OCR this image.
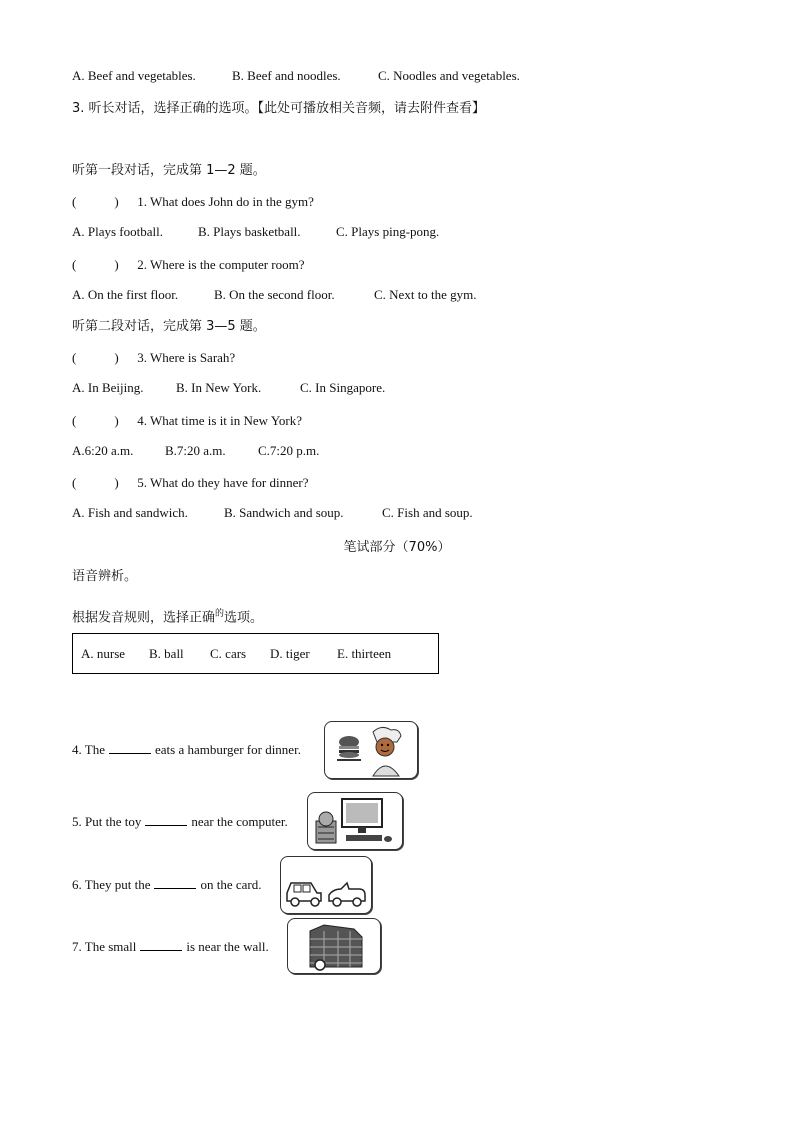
A. Beef and vegetables.	B. Beef and noodles.	C. Noodles and vegetables.
3. 听长对话，选择正确的选项。【此处可播放相关音频，请去附件查看】
听第一段对话，完成第 1—2 题。
(	) 1. What does John do in the gym?
A. Plays football.	B. Plays basketball.	C. Plays ping-pong.
(	) 2. Where is the computer room?
A. On the first floor.	B. On the second floor.	C. Next to the gym.
听第二段对话，完成第 3—5 题。
(	) 3. Where is Sarah?
A. In Beijing.	B. In New York.	C. In Singapore.
(	) 4. What time is it in New York?
A.6:20 a.m. B.7:20 a.m. C.7:20 p.m.
(	) 5. What do they have for dinner?
A. Fish and sandwich.	B. Sandwich and soup.	C. Fish and soup.
笔试部分（70%）
语音辨析。
根据发音规则，选择正确$^的$选项。
A. nurse B. ball C. cars D. tiger E. thirteen
4. The	eats a hamburger for dinner.
5. Put the toy	near the computer.
6. They put the	on the card.
7. The small	is near the wall.
